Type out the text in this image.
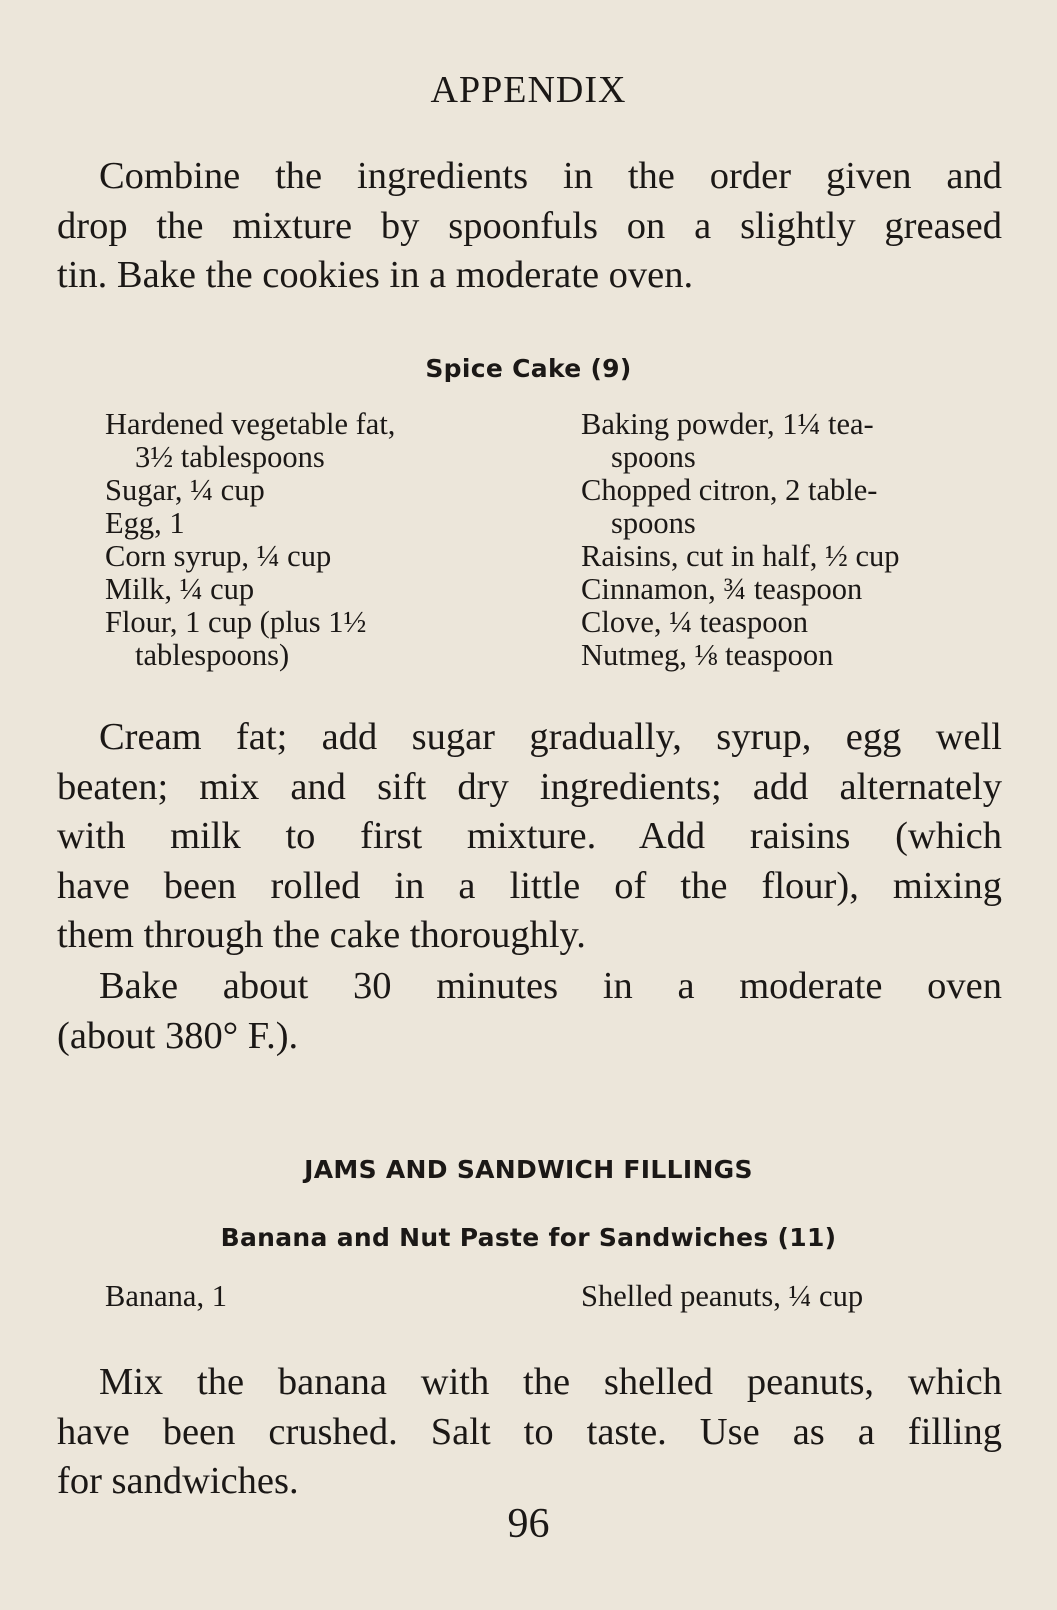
APPENDIX
Combine the ingredients in the order given and
drop the mixture by spoonfuls on a slightly greased
tin. Bake the cookies in a moderate oven.
Spice Cake (9)
Hardened vegetable fat,
3½ tablespoons
Sugar, ¼ cup
Egg, 1
Corn syrup, ¼ cup
Milk, ¼ cup
Flour, 1 cup (plus 1½
tablespoons)
Baking powder, 1¼ tea-
spoons
Chopped citron, 2 table-
spoons
Raisins, cut in half, ½ cup
Cinnamon, ¾ teaspoon
Clove, ¼ teaspoon
Nutmeg, ⅛ teaspoon
Cream fat; add sugar gradually, syrup, egg well
beaten; mix and sift dry ingredients; add alternately
with milk to first mixture. Add raisins (which
have been rolled in a little of the flour), mixing
them through the cake thoroughly.
Bake about 30 minutes in a moderate oven
(about 380° F.).
JAMS AND SANDWICH FILLINGS
Banana and Nut Paste for Sandwiches (11)
Banana, 1	Shelled peanuts, ¼ cup
Mix the banana with the shelled peanuts, which
have been crushed. Salt to taste. Use as a filling
for sandwiches.
96
